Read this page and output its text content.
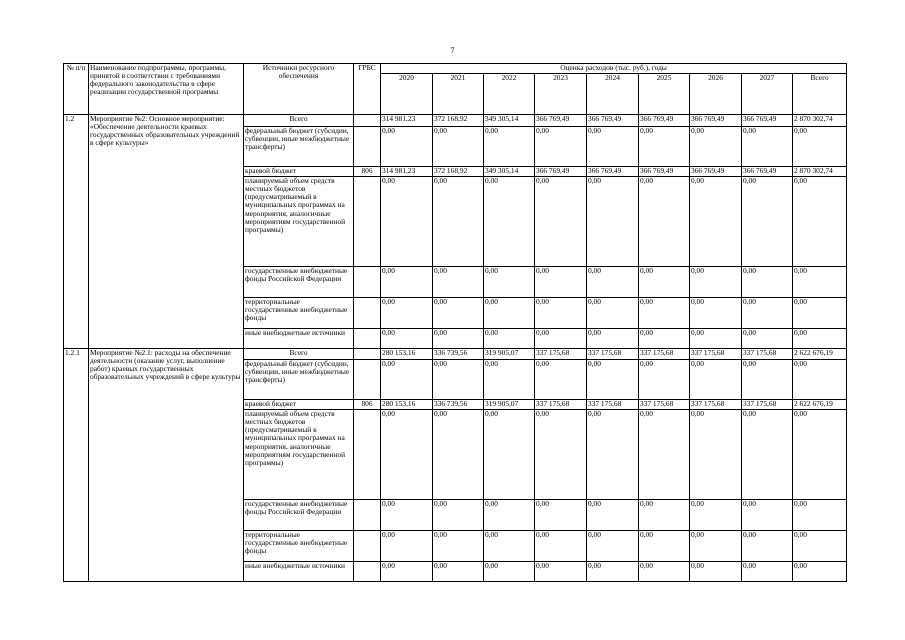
7
№ п/п	Наименование подпрограммы, программы, принятой в соответствии с требованиями федерального законодательства в сфере реализации государственной программы	Источники ресурсного обеспечения	ГРБС	Оценка расходов (тыс. руб.), годы								
				2020	2021	2022	2023	2024	2025	2026	2027	Всего
1.2	Мероприятие №2: Основное мероприятие: «Обеспечение деятельности краевых государственных образовательных учреждений в сфере культуры»	Всего		314 981,23	372 168,92	349 305,14	366 769,49	366 769,49	366 769,49	366 769,49	366 769,49	2 870 302,74
		федеральный бюджет (субсидии, субвенции, иные межбюджетные трансферты)		0,00	0,00	0,00	0,00	0,00	0,00	0,00	0,00	0,00
		краевой бюджет	806	314 981,23	372 168,92	349 305,14	366 769,49	366 769,49	366 769,49	366 769,49	366 769,49	2 870 302,74
		планируемый объем средств местных бюджетов (предусматриваемый в муниципальных программах на мероприятия, аналогичные мероприятиям государственной программы)		0,00	0,00	0,00	0,00	0,00	0,00	0,00	0,00	0,00
		государственные внебюджетные фонды Российской Федерации		0,00	0,00	0,00	0,00	0,00	0,00	0,00	0,00	0,00
		территориальные государственные внебюджетные фонды		0,00	0,00	0,00	0,00	0,00	0,00	0,00	0,00	0,00
		иные внебюджетные источники		0,00	0,00	0,00	0,00	0,00	0,00	0,00	0,00	0,00
1.2.1	Мероприятие №2.1: расходы на обеспечение деятельности (оказание услуг, выполнение работ) краевых государственных образовательных учреждений в сфере культуры	Всего		280 153,16	336 739,56	319 905,07	337 175,68	337 175,68	337 175,68	337 175,68	337 175,68	2 622 676,19
		федеральный бюджет (субсидии, субвенции, иные межбюджетные трансферты)		0,00	0,00	0,00	0,00	0,00	0,00	0,00	0,00	0,00
		краевой бюджет	806	280 153,16	336 739,56	319 905,07	337 175,68	337 175,68	337 175,68	337 175,68	337 175,68	2 622 676,19
		планируемый объем средств местных бюджетов (предусматриваемый в муниципальных программах на мероприятия, аналогичные мероприятиям государственной программы)		0,00	0,00	0,00	0,00	0,00	0,00	0,00	0,00	0,00
		государственные внебюджетные фонды Российской Федерации		0,00	0,00	0,00	0,00	0,00	0,00	0,00	0,00	0,00
		территориальные государственные внебюджетные фонды		0,00	0,00	0,00	0,00	0,00	0,00	0,00	0,00	0,00
		иные внебюджетные источники		0,00	0,00	0,00	0,00	0,00	0,00	0,00	0,00	0,00
